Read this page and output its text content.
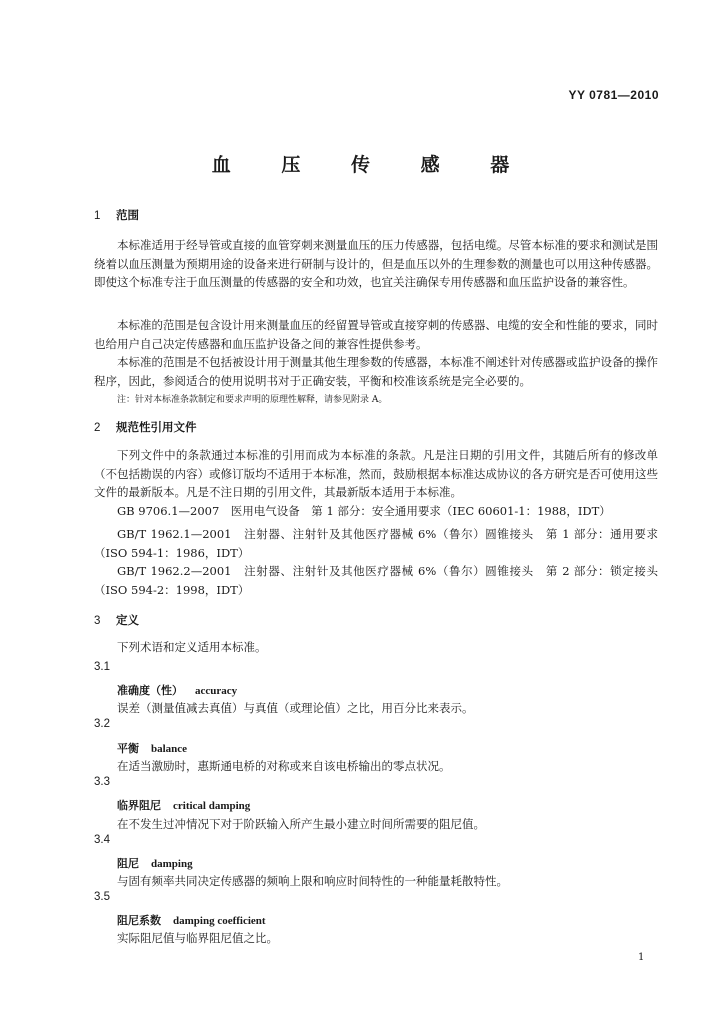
YY 0781—2010
血 压 传 感 器
1 范围

本标准适用于经导管或直接的血管穿刺来测量血压的压力传感器，包括电缆。尽管本标准的要求和测试是围绕着以血压测量为预期用途的设备来进行研制与设计的，但是血压以外的生理参数的测量也可以用这种传感器。即使这个标准专注于血压测量的传感器的安全和功效，也宜关注确保专用传感器和血压监护设备的兼容性。

本标准的范围是包含设计用来测量血压的经留置导管或直接穿刺的传感器、电缆的安全和性能的要求，同时也给用户自己决定传感器和血压监护设备之间的兼容性提供参考。

本标准的范围是不包括被设计用于测量其他生理参数的传感器，本标准不阐述针对传感器或监护设备的操作程序，因此，参阅适合的使用说明书对于正确安装，平衡和校准该系统是完全必要的。

注：针对本标准条款制定和要求声明的原理性解释，请参见附录 A。
2 规范性引用文件

下列文件中的条款通过本标准的引用而成为本标准的条款。凡是注日期的引用文件，其随后所有的修改单（不包括勘误的内容）或修订版均不适用于本标准，然而，鼓励根据本标准达成协议的各方研究是否可使用这些文件的最新版本。凡是不注日期的引用文件，其最新版本适用于本标准。

GB 9706.1—2007　医用电气设备　第 1 部分：安全通用要求（IEC 60601-1：1988，IDT）

GB/T 1962.1—2001　注射器、注射针及其他医疗器械 6%（鲁尔）圆锥接头　第 1 部分：通用要求（ISO 594-1：1986，IDT）

GB/T 1962.2—2001　注射器、注射针及其他医疗器械 6%（鲁尔）圆锥接头　第 2 部分：锁定接头（ISO 594-2：1998，IDT）

3 定义
下列术语和定义适用本标准。
3.1
准确度（性） accuracy
误差（测量值减去真值）与真值（或理论值）之比，用百分比来表示。
3.2
平衡 balance
在适当激励时，惠斯通电桥的对称或来自该电桥输出的零点状况。
3.3
临界阻尼 critical damping
在不发生过冲情况下对于阶跃输入所产生最小建立时间所需要的阻尼值。
3.4
阻尼 damping
与固有频率共同决定传感器的频响上限和响应时间特性的一种能量耗散特性。
3.5
阻尼系数 damping coefficient
实际阻尼值与临界阻尼值之比。
1
